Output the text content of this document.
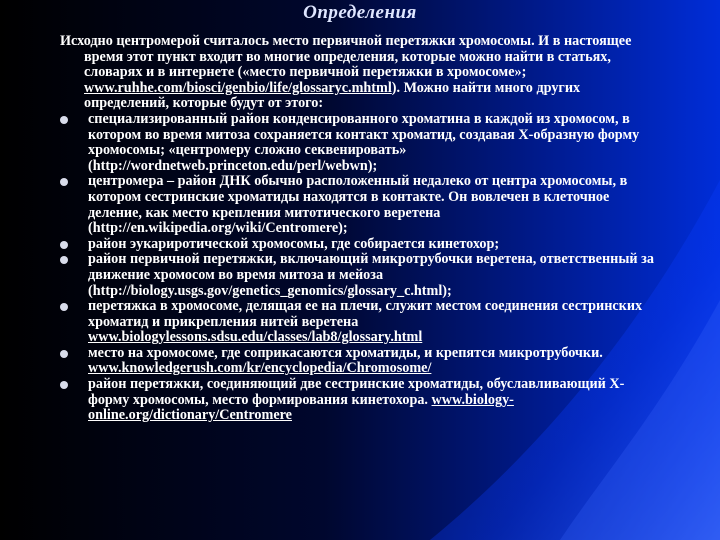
Определения

Исходно центромерой считалось место первичной перетяжки хромосомы. И в настоящее время этот пункт входит во многие определения, которые можно найти в статьях, словарях и в интернете («место первичной перетяжки в хромосоме»; www.ruhhe.com/biosci/genbio/life/glossaryc.mhtml). Можно найти много других определений, которые будут от этого:

специализированный район конденсированного хроматина в каждой из хромосом, в котором во время митоза сохраняется контакт хроматид, создавая Х-образную форму хромосомы; «центромеру сложно секвенировать» (http://wordnetweb.princeton.edu/perl/webwn);
центромера – район ДНК обычно расположенный недалеко от центра хромосомы, в котором сестринские хроматиды находятся в контакте. Он вовлечен в клеточное деление, как место крепления митотического веретена (http://en.wikipedia.org/wiki/Centromere);
район эукариротической хромосомы, где собирается кинетохор;
район первичной перетяжки, включающий микротрубочки веретена, ответственный за движение хромосом во время митоза и мейоза (http://biology.usgs.gov/genetics_genomics/glossary_c.html);
перетяжка в хромосоме, делящая ее на плечи, служит местом соединения сестринских хроматид и прикрепления нитей веретена www.biologylessons.sdsu.edu/classes/lab8/glossary.html
место на хромосоме, где соприкасаются хроматиды, и крепятся микротрубочки. www.knowledgerush.com/kr/encyclopedia/Chromosome/
район перетяжки, соединяющий две сестринские хроматиды, обуславливающий Х-форму хромосомы, место формирования кинетохора. www.biology-online.org/dictionary/Centromere
